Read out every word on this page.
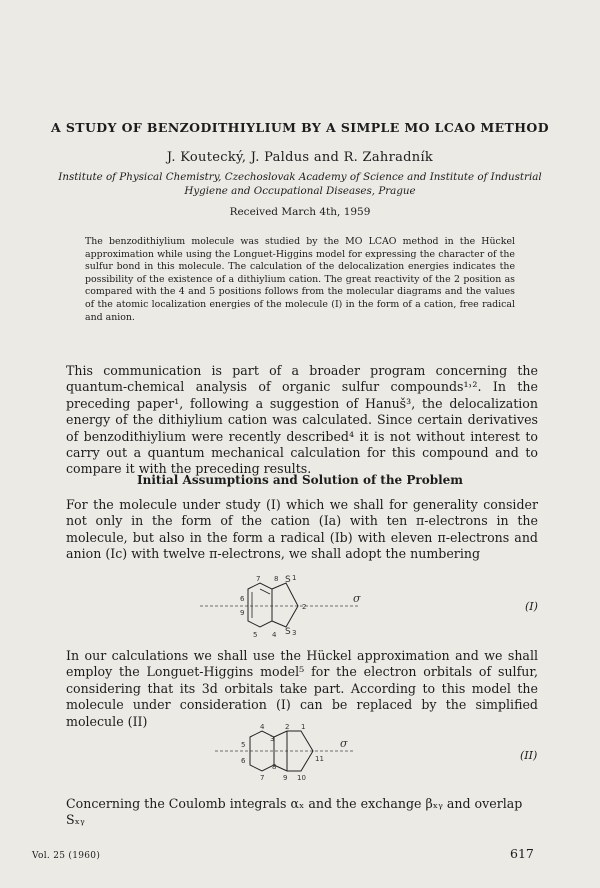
A STUDY OF BENZODITHIYLIUM BY A SIMPLE MO LCAO METHOD
J. Koutecký, J. Paldus and R. Zahradník
Institute of Physical Chemistry, Czechoslovak Academy of Science and Institute of Industrial Hygiene and Occupational Diseases, Prague
Received March 4th, 1959
The benzodithiylium molecule was studied by the MO LCAO method in the Hückel approximation while using the Longuet-Higgins model for expressing the character of the sulfur bond in this molecule. The calculation of the delocalization energies indicates the possibility of the existence of a dithiylium cation. The great reactivity of the 2 position as compared with the 4 and 5 positions follows from the molecular diagrams and the values of the atomic localization energies of the molecule (I) in the form of a cation, free radical and anion.
This communication is part of a broader program concerning the quantum-chemical analysis of organic sulfur compounds¹˒². In the preceding paper¹, following a suggestion of Hanuš³, the delocalization energy of the dithiylium cation was calculated. Since certain derivatives of benzodithiylium were recently described⁴ it is not without interest to carry out a quantum mechanical calculation for this compound and to compare it with the preceding results.
Initial Assumptions and Solution of the Problem
For the molecule under study (I) which we shall for generality consider not only in the form of the cation (Ia) with ten π-electrons in the molecule, but also in the form a radical (Ib) with eleven π-electrons and anion (Ic) with twelve π-electrons, we shall adopt the numbering
σ
7
6
8
9
5 4
S 1
S 3
2	(I)
In our calculations we shall use the Hückel approximation and we shall employ the Longuet-Higgins model⁵ for the electron orbitals of sulfur, considering that its 3d orbitals take part. According to this model the molecule under consideration (I) can be replaced by the simplified molecule (II)
σ
4
3
2 1
5
6
7
8
9 10
11	(II)
Concerning the Coulomb integrals αₓ and the exchange βₓᵧ and overlap Sₓᵧ
Vol. 25 (1960)	617
